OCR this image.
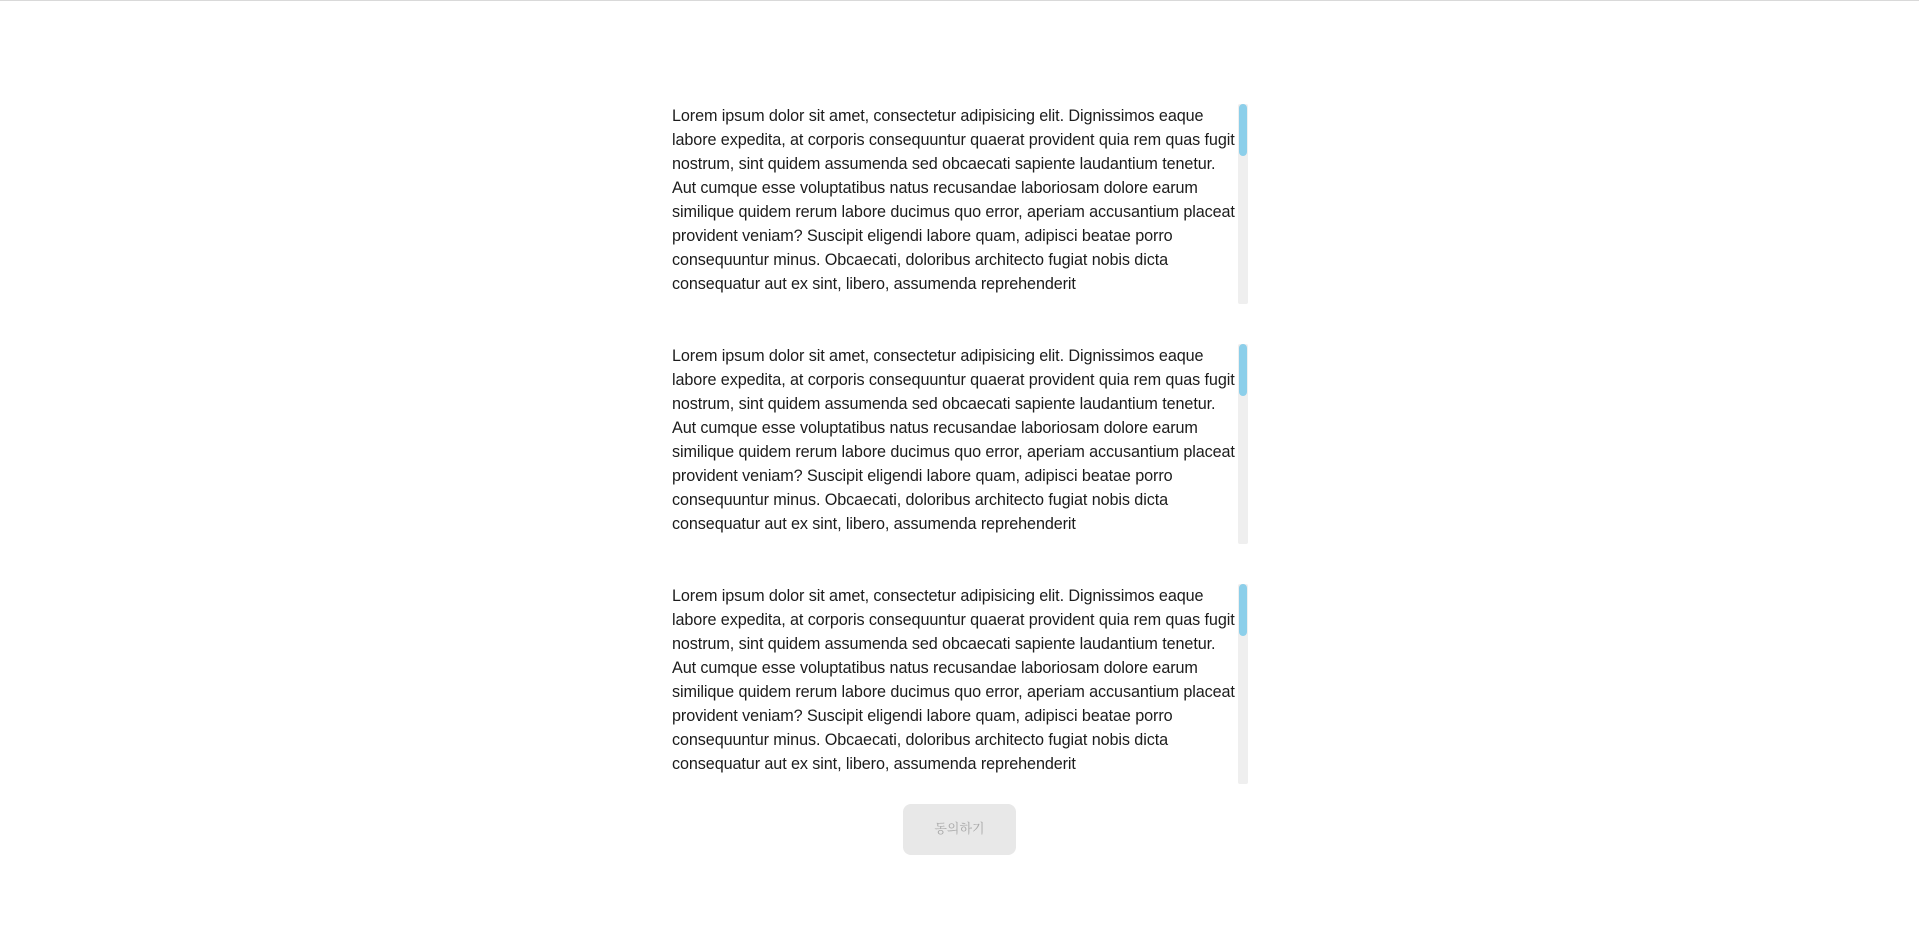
Lorem ipsum dolor sit amet, consectetur adipisicing elit. Dignissimos eaque labore expedita, at corporis consequuntur quaerat provident quia rem quas fugit nostrum, sint quidem assumenda sed obcaecati sapiente laudantium tenetur. Aut cumque esse voluptatibus natus recusandae laboriosam dolore earum similique quidem rerum labore ducimus quo error, aperiam accusantium placeat provident veniam? Suscipit eligendi labore quam, adipisci beatae porro consequuntur minus. Obcaecati, doloribus architecto fugiat nobis dicta consequatur aut ex sint, libero, assumenda reprehenderit
Lorem ipsum dolor sit amet, consectetur adipisicing elit. Dignissimos eaque labore expedita, at corporis consequuntur quaerat provident quia rem quas fugit nostrum, sint quidem assumenda sed obcaecati sapiente laudantium tenetur. Aut cumque esse voluptatibus natus recusandae laboriosam dolore earum similique quidem rerum labore ducimus quo error, aperiam accusantium placeat provident veniam? Suscipit eligendi labore quam, adipisci beatae porro consequuntur minus. Obcaecati, doloribus architecto fugiat nobis dicta consequatur aut ex sint, libero, assumenda reprehenderit
Lorem ipsum dolor sit amet, consectetur adipisicing elit. Dignissimos eaque labore expedita, at corporis consequuntur quaerat provident quia rem quas fugit nostrum, sint quidem assumenda sed obcaecati sapiente laudantium tenetur. Aut cumque esse voluptatibus natus recusandae laboriosam dolore earum similique quidem rerum labore ducimus quo error, aperiam accusantium placeat provident veniam? Suscipit eligendi labore quam, adipisci beatae porro consequuntur minus. Obcaecati, doloribus architecto fugiat nobis dicta consequatur aut ex sint, libero, assumenda reprehenderit
동의하기
